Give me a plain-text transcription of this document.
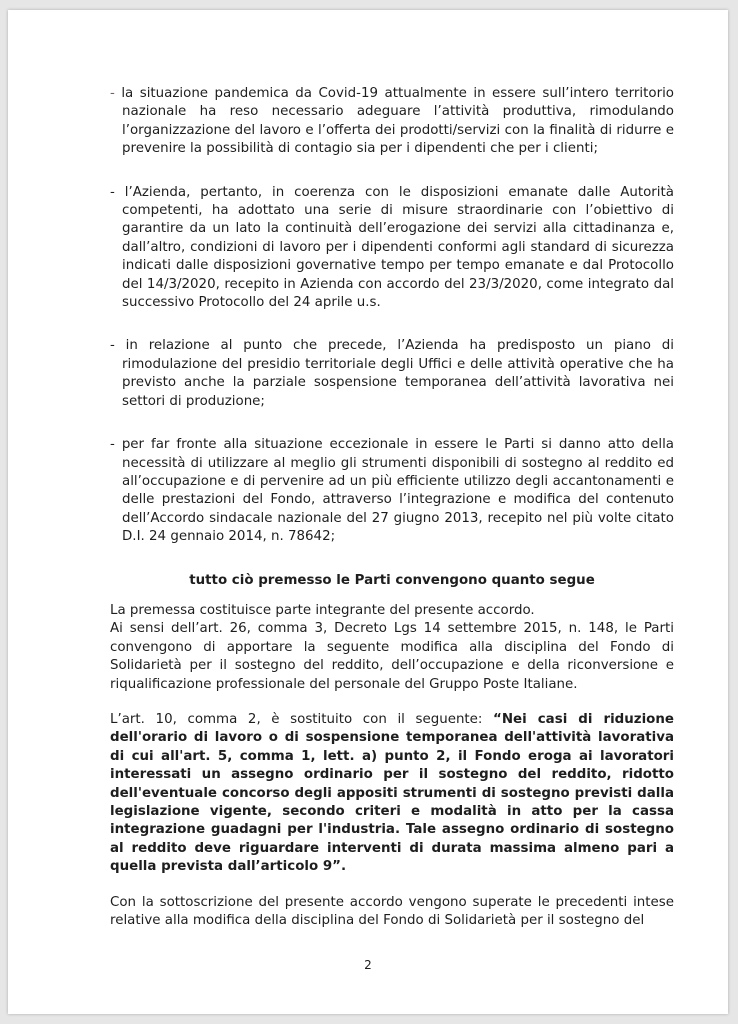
- la situazione pandemica da Covid-19 attualmente in essere sull’intero territorio nazionale ha reso necessario adeguare l’attività produttiva, rimodulando l’organizzazione del lavoro e l’offerta dei prodotti/servizi con la finalità di ridurre e prevenire la possibilità di contagio sia per i dipendenti che per i clienti;

- l’Azienda, pertanto, in coerenza con le disposizioni emanate dalle Autorità competenti, ha adottato una serie di misure straordinarie con l’obiettivo di garantire da un lato la continuità dell’erogazione dei servizi alla cittadinanza e, dall’altro, condizioni di lavoro per i dipendenti conformi agli standard di sicurezza indicati dalle disposizioni governative tempo per tempo emanate e dal Protocollo del 14/3/2020, recepito in Azienda con accordo del 23/3/2020, come integrato dal successivo Protocollo del 24 aprile u.s.

- in relazione al punto che precede, l’Azienda ha predisposto un piano di rimodulazione del presidio territoriale degli Uffici e delle attività operative che ha previsto anche la parziale sospensione temporanea dell’attività lavorativa nei settori di produzione;

- per far fronte alla situazione eccezionale in essere le Parti si danno atto della necessità di utilizzare al meglio gli strumenti disponibili di sostegno al reddito ed all’occupazione e di pervenire ad un più efficiente utilizzo degli accantonamenti e delle prestazioni del Fondo, attraverso l’integrazione e modifica del contenuto dell’Accordo sindacale nazionale del 27 giugno 2013, recepito nel più volte citato D.I. 24 gennaio 2014, n. 78642;

tutto ciò premesso le Parti convengono quanto segue

La premessa costituisce parte integrante del presente accordo.

Ai sensi dell’art. 26, comma 3, Decreto Lgs 14 settembre 2015, n. 148, le Parti convengono di apportare la seguente modifica alla disciplina del Fondo di Solidarietà per il sostegno del reddito, dell’occupazione e della riconversione e riqualificazione professionale del personale del Gruppo Poste Italiane.

L’art. 10, comma 2, è sostituito con il seguente: “Nei casi di riduzione dell'orario di lavoro o di sospensione temporanea dell'attività lavorativa di cui all'art. 5, comma 1, lett. a) punto 2, il Fondo eroga ai lavoratori interessati un assegno ordinario per il sostegno del reddito, ridotto dell'eventuale concorso degli appositi strumenti di sostegno previsti dalla legislazione vigente, secondo criteri e modalità in atto per la cassa integrazione guadagni per l'industria. Tale assegno ordinario di sostegno al reddito deve riguardare interventi di durata massima almeno pari a quella prevista dall’articolo 9”.

Con la sottoscrizione del presente accordo vengono superate le precedenti intese relative alla modifica della disciplina del Fondo di Solidarietà per il sostegno del

2
